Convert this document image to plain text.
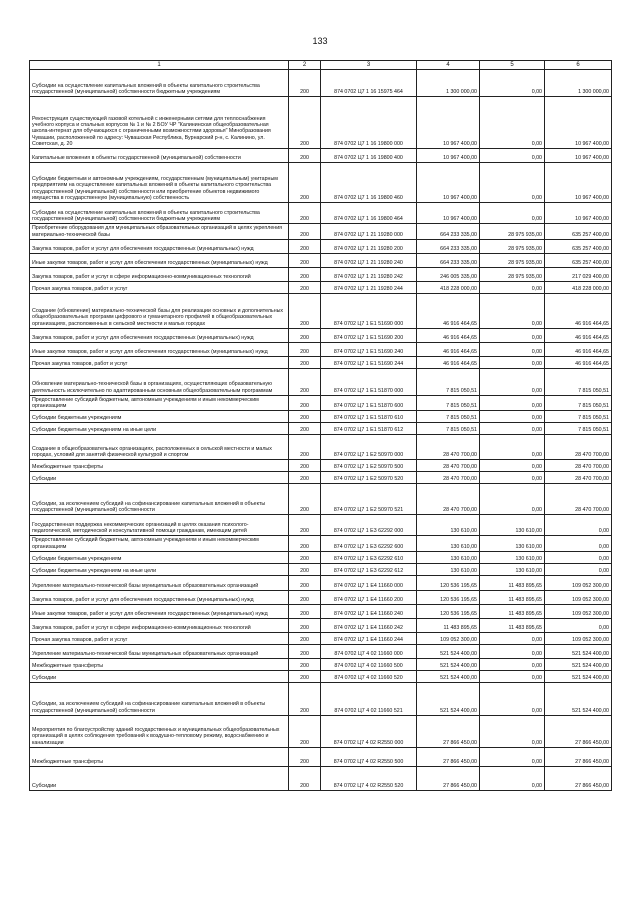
133
1	2	3	4	5	6
Субсидии на осуществление капитальных вложений в объекты капитального строительства государственной (муниципальной) собственности бюджетным учреждениям	200	874 0702 Ц7 1 16 15975 464	1 300 000,00	0,00	1 300 000,00
Реконструкция существующей газовой котельной с инженерными сетями для теплоснабжения учебного корпуса и спальных корпусов № 1 и № 2 БОУ ЧР "Калининская общеобразовательная школа-интернат для обучающихся с ограниченными возможностями здоровья" Минобразования Чувашии, расположенной по адресу: Чувашская Республика, Вурнарский р-н, с. Калинино, ул. Советская, д. 20	200	874 0702 Ц7 1 16 19800 000	10 967 400,00	0,00	10 967 400,00
Капитальные вложения в объекты государственной (муниципальной) собственности	200	874 0702 Ц7 1 16 19800 400	10 967 400,00	0,00	10 967 400,00
Субсидии бюджетным и автономным учреждениям, государственным (муниципальным) унитарным предприятиям на осуществление капитальных вложений в объекты капитального строительства государственной (муниципальной) собственности или приобретение объектов недвижимого имущества в государственную (муниципальную) собственность	200	874 0702 Ц7 1 16 19800 460	10 967 400,00	0,00	10 967 400,00
Субсидии на осуществление капитальных вложений в объекты капитального строительства государственной (муниципальной) собственности бюджетным учреждениям	200	874 0702 Ц7 1 16 19800 464	10 967 400,00	0,00	10 967 400,00
Приобретение оборудования для муниципальных образовательных организаций в целях укрепления материально-технической базы	200	874 0702 Ц7 1 21 19280 000	664 233 335,00	28 975 935,00	635 257 400,00
Закупка товаров, работ и услуг для обеспечения государственных (муниципальных) нужд	200	874 0702 Ц7 1 21 19280 200	664 233 335,00	28 975 935,00	635 257 400,00
Иные закупки товаров, работ и услуг для обеспечения государственных (муниципальных) нужд	200	874 0702 Ц7 1 21 19280 240	664 233 335,00	28 975 935,00	635 257 400,00
Закупка товаров, работ и услуг в сфере информационно-коммуникационных технологий	200	874 0702 Ц7 1 21 19280 242	246 005 335,00	28 975 935,00	217 029 400,00
Прочая закупка товаров, работ и услуг	200	874 0702 Ц7 1 21 19280 244	418 228 000,00	0,00	418 228 000,00
Создание (обновление) материально-технической базы для реализации основных и дополнительных общеобразовательных программ цифрового и гуманитарного профилей в общеобразовательных организациях, расположенных в сельской местности и малых городах	200	874 0702 Ц7 1 Е1 51690 000	46 916 464,65	0,00	46 916 464,65
Закупка товаров, работ и услуг для обеспечения государственных (муниципальных) нужд	200	874 0702 Ц7 1 Е1 51690 200	46 916 464,65	0,00	46 916 464,65
Иные закупки товаров, работ и услуг для обеспечения государственных (муниципальных) нужд	200	874 0702 Ц7 1 Е1 51690 240	46 916 464,65	0,00	46 916 464,65
Прочая закупка товаров, работ и услуг	200	874 0702 Ц7 1 Е1 51690 244	46 916 464,65	0,00	46 916 464,65
Обновление материально-технической базы в организациях, осуществляющих образовательную деятельность исключительно по адаптированным основным общеобразовательным программам	200	874 0702 Ц7 1 Е1 51870 000	7 815 050,51	0,00	7 815 050,51
Предоставление субсидий бюджетным, автономным учреждениям и иным некоммерческим организациям	200	874 0702 Ц7 1 Е1 51870 600	7 815 050,51	0,00	7 815 050,51
Субсидии бюджетным учреждениям	200	874 0702 Ц7 1 Е1 51870 610	7 815 050,51	0,00	7 815 050,51
Субсидии бюджетным учреждениям на иные цели	200	874 0702 Ц7 1 Е1 51870 612	7 815 050,51	0,00	7 815 050,51
Создание в общеобразовательных организациях, расположенных в сельской местности и малых городах, условий для занятий физической культурой и спортом	200	874 0702 Ц7 1 Е2 50970 000	28 470 700,00	0,00	28 470 700,00
Межбюджетные трансферты	200	874 0702 Ц7 1 Е2 50970 500	28 470 700,00	0,00	28 470 700,00
Субсидии	200	874 0702 Ц7 1 Е2 50970 520	28 470 700,00	0,00	28 470 700,00
Субсидии, за исключением субсидий на софинансирование капитальных вложений в объекты государственной (муниципальной) собственности	200	874 0702 Ц7 1 Е2 50970 521	28 470 700,00	0,00	28 470 700,00
Государственная поддержка некоммерческих организаций в целях оказания психолого-педагогической, методической и консультативной помощи гражданам, имеющим детей	200	874 0702 Ц7 1 Е3 62292 000	130 610,00	130 610,00	0,00
Предоставление субсидий бюджетным, автономным учреждениям и иным некоммерческим организациям	200	874 0702 Ц7 1 Е3 62292 600	130 610,00	130 610,00	0,00
Субсидии бюджетным учреждениям	200	874 0702 Ц7 1 Е3 62292 610	130 610,00	130 610,00	0,00
Субсидии бюджетным учреждениям на иные цели	200	874 0702 Ц7 1 Е3 62292 612	130 610,00	130 610,00	0,00
Укрепление материально-технической базы муниципальных образовательных организаций	200	874 0702 Ц7 1 Е4 11660 000	120 536 195,65	11 483 895,65	109 052 300,00
Закупка товаров, работ и услуг для обеспечения государственных (муниципальных) нужд	200	874 0702 Ц7 1 Е4 11660 200	120 536 195,65	11 483 895,65	109 052 300,00
Иные закупки товаров, работ и услуг для обеспечения государственных (муниципальных) нужд	200	874 0702 Ц7 1 Е4 11660 240	120 536 195,65	11 483 895,65	109 052 300,00
Закупка товаров, работ и услуг в сфере информационно-коммуникационных технологий	200	874 0702 Ц7 1 Е4 11660 242	11 483 895,65	11 483 895,65	0,00
Прочая закупка товаров, работ и услуг	200	874 0702 Ц7 1 Е4 11660 244	109 052 300,00	0,00	109 052 300,00
Укрепление материально-технической базы муниципальных образовательных организаций	200	874 0702 Ц7 4 02 11660 000	521 524 400,00	0,00	521 524 400,00
Межбюджетные трансферты	200	874 0702 Ц7 4 02 11660 500	521 524 400,00	0,00	521 524 400,00
Субсидии	200	874 0702 Ц7 4 02 11660 520	521 524 400,00	0,00	521 524 400,00
Субсидии, за исключением субсидий на софинансирование капитальных вложений в объекты государственной (муниципальной) собственности	200	874 0702 Ц7 4 02 11660 521	521 524 400,00	0,00	521 524 400,00
Мероприятия по благоустройству зданий государственных и муниципальных общеобразовательных организаций в целях соблюдения требований к воздушно-тепловому режиму, водоснабжению и канализации	200	874 0702 Ц7 4 02 R2550 000	27 866 450,00	0,00	27 866 450,00
Межбюджетные трансферты	200	874 0702 Ц7 4 02 R2550 500	27 866 450,00	0,00	27 866 450,00
Субсидии	200	874 0702 Ц7 4 02 R2550 520	27 866 450,00	0,00	27 866 450,00
